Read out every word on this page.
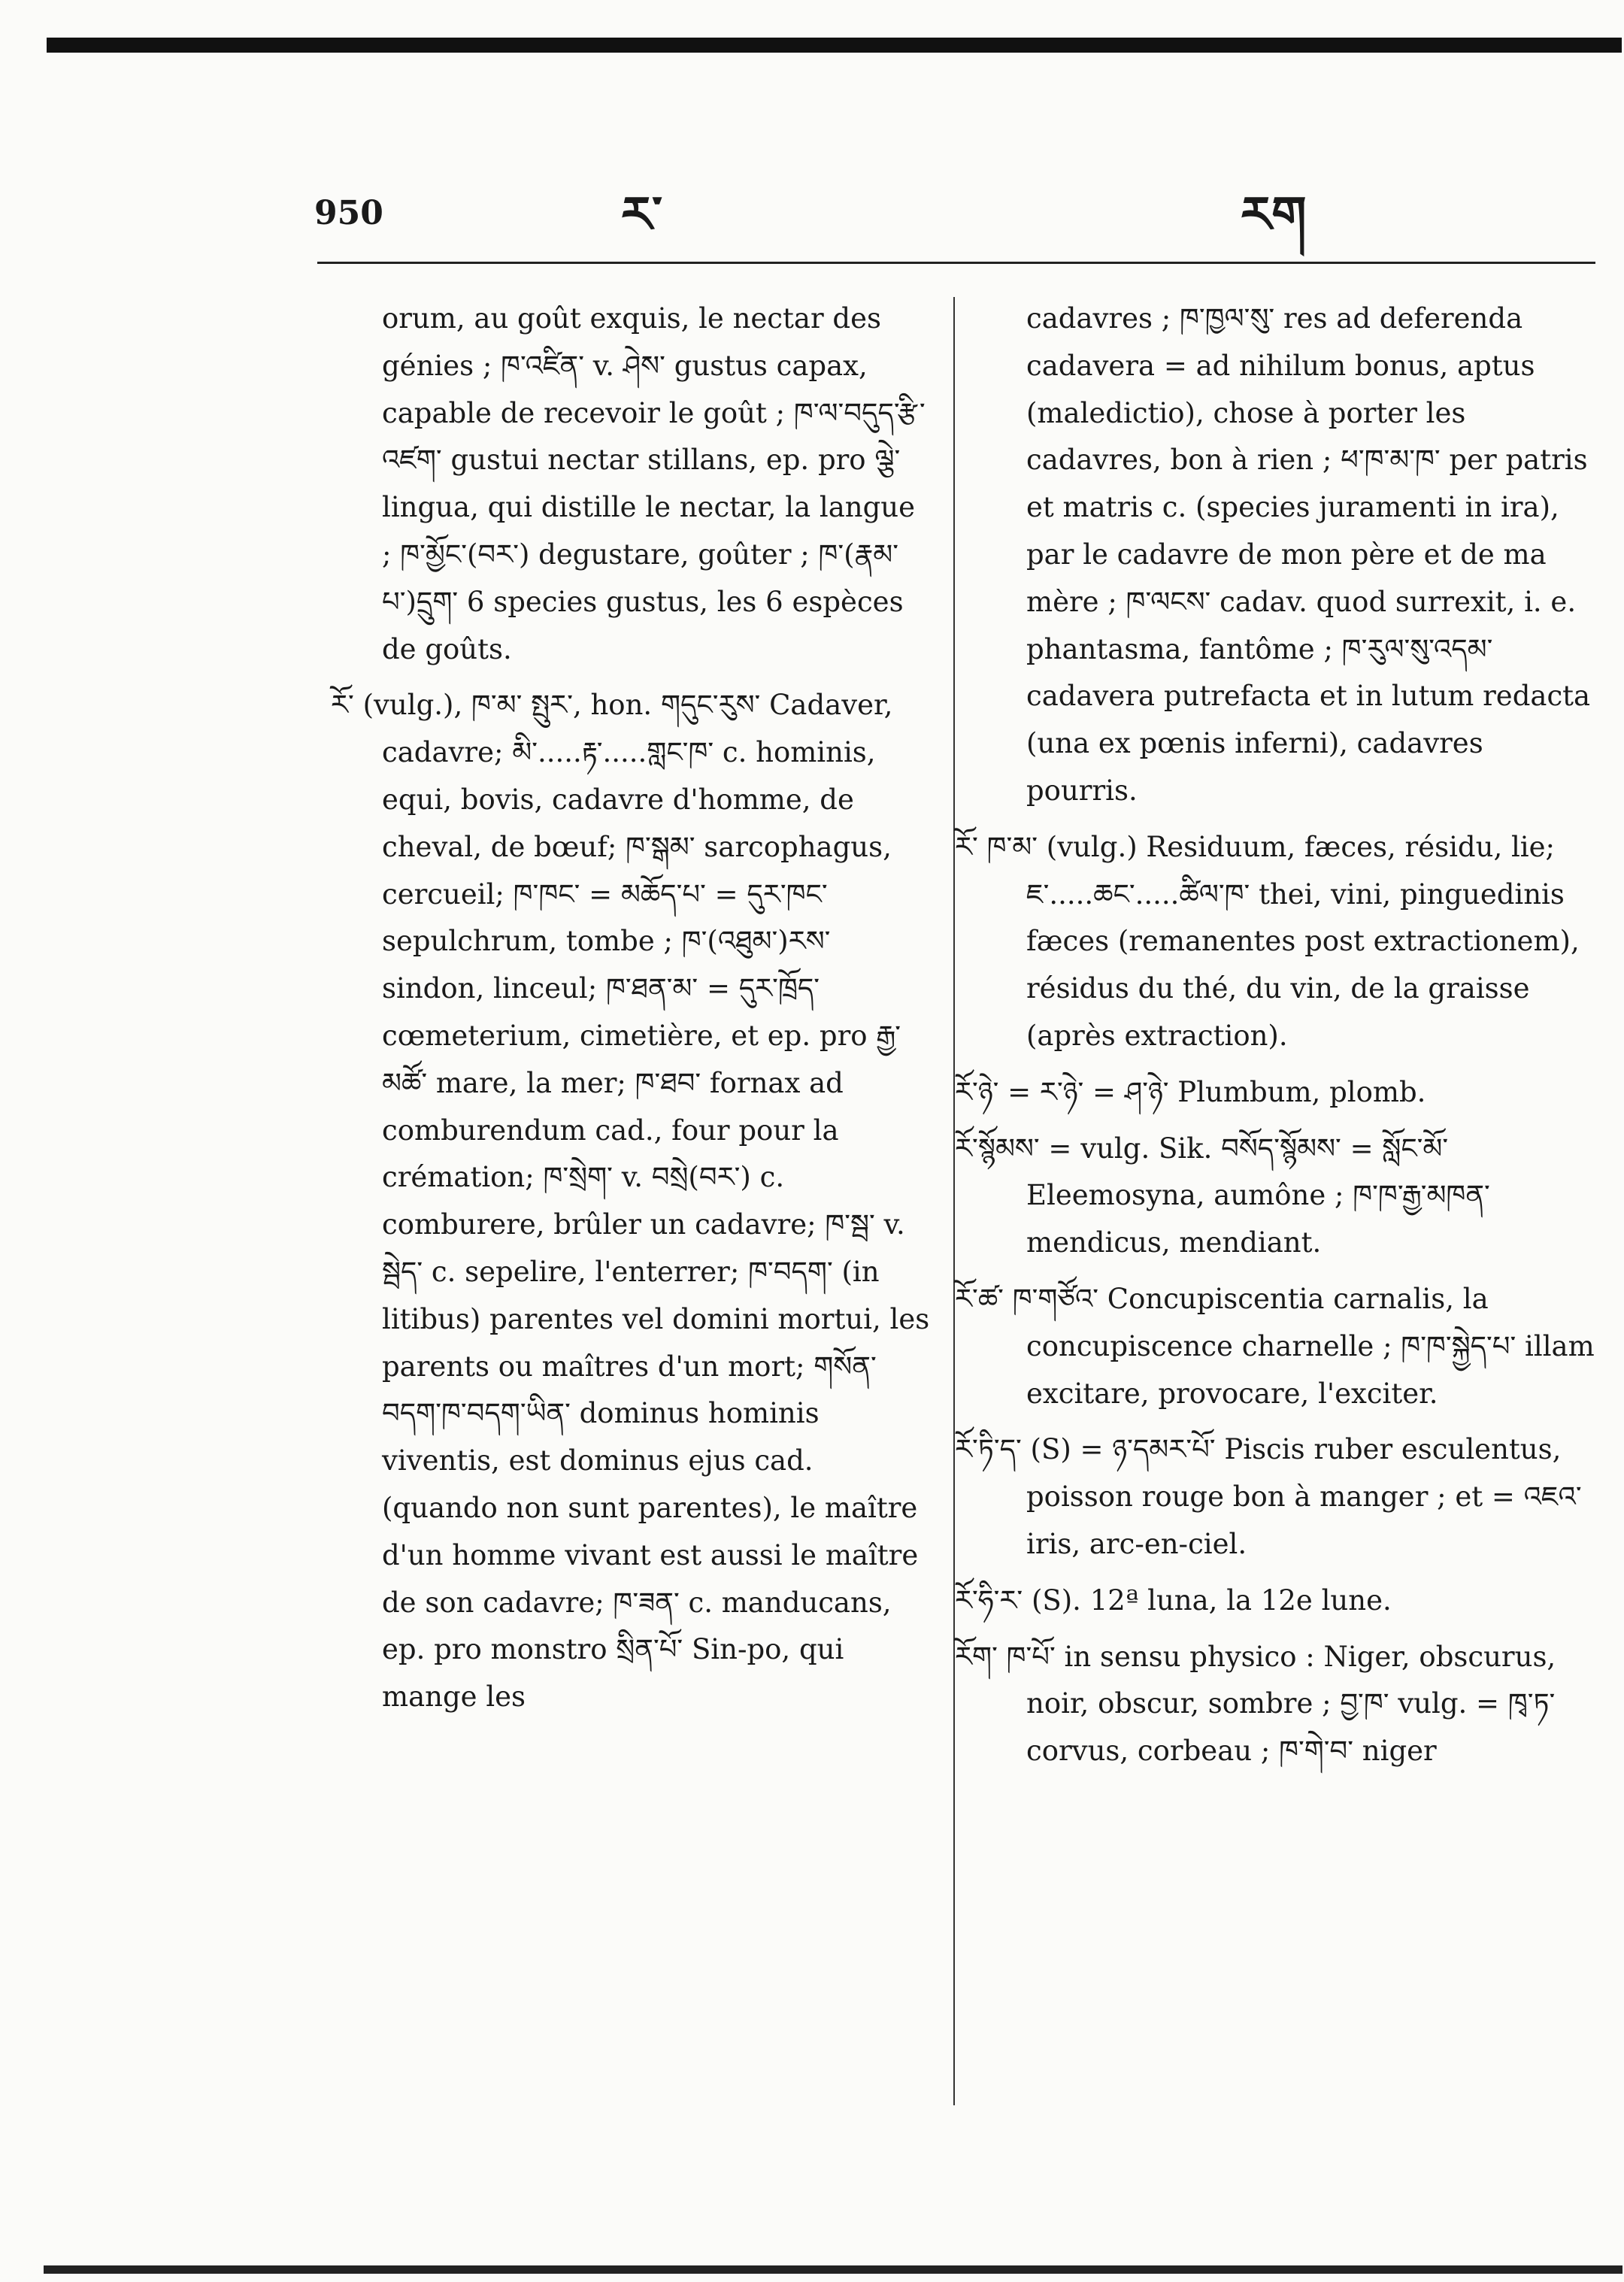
950	ར་	རག

orum, au goût exquis, le nectar des génies ; ཁ་འཛིན་ v. ཤེས་ gustus capax, capable de recevoir le goût ; ཁ་ལ་བདུད་རྩི་འཛག་ gustui nectar stillans, ep. pro ལྕེ་ lingua, qui distille le nectar, la langue ; ཁ་མྱོང་(བར་) degustare, goûter ; ཁ་(རྣམ་པ་)དྲུག་ 6 species gustus, les 6 espèces de goûts.

རོ་ (vulg.), ཁ་མ་ སྤུར་, hon. གདུང་རུས་ Cadaver, cadavre; མི་.....རྟ་.....གླང་ཁ་ c. hominis, equi, bovis, cadavre d'homme, de cheval, de bœuf; ཁ་སྒམ་ sarcophagus, cercueil; ཁ་ཁང་ = མཆོད་པ་ = དུར་ཁང་ sepulchrum, tombe ; ཁ་(འཐུམ་)རས་ sindon, linceul; ཁ་ཐན་མ་ = དུར་ཁྲོད་ cœmeterium, cimetière, et ep. pro རྒྱ་མཚོ་ mare, la mer; ཁ་ཐབ་ fornax ad comburendum cad., four pour la crémation; ཁ་སྲེག་ v. བསྲེ(བར་) c. comburere, brûler un cadavre; ཁ་སྦ་ v. སྦེད་ c. sepelire, l'enterrer; ཁ་བདག་ (in litibus) parentes vel domini mortui, les parents ou maîtres d'un mort; གསོན་བདག་ཁ་བདག་ཡིན་ dominus hominis viventis, est dominus ejus cad. (quando non sunt parentes), le maître d'un homme vivant est aussi le maître de son cadavre; ཁ་ཟན་ c. manducans, ep. pro monstro སྲིན་པོ་ Sin-po, qui mange les

cadavres ; ཁ་ཁྱལ་སུ་ res ad deferenda cadavera = ad nihilum bonus, aptus (maledictio), chose à porter les cadavres, bon à rien ; ཕ་ཁ་མ་ཁ་ per patris et matris c. (species juramenti in ira), par le cadavre de mon père et de ma mère ; ཁ་ལངས་ cadav. quod surrexit, i. e. phantasma, fantôme ; ཁ་རུལ་སུ་འདམ་ cadavera putrefacta et in lutum redacta (una ex pœnis inferni), cadavres pourris.

རོ་ ཁ་མ་ (vulg.) Residuum, fæces, résidu, lie; ཇ་.....ཆང་.....ཚིལ་ཁ་ thei, vini, pinguedinis fæces (remanentes post extractionem), résidus du thé, du vin, de la graisse (après extraction).

རོ་ཉེ་ = ར་ཉེ་ = ཤ་ཉེ་ Plumbum, plomb.

རོ་སྙོམས་ = vulg. Sik. བསོད་སྙོམས་ = སློང་མོ་ Eleemosyna, aumône ; ཁ་ཁ་རྒྱ་མཁན་ mendicus, mendiant.

རོ་ཚ་ ཁ་གཙོའ་ Concupiscentia carnalis, la concupiscence charnelle ; ཁ་ཁ་སྐྱེད་པ་ illam excitare, provocare, l'exciter.

རོ་ཏི་ད་ (S) = ཉ་དམར་པོ་ Piscis ruber esculentus, poisson rouge bon à manger ; et = འཇའ་ iris, arc-en-ciel.

རོ་ཧི་ར་ (S). 12ª luna, la 12e lune.

རོག་ ཁ་པོ་ in sensu physico : Niger, obscurus, noir, obscur, sombre ; བྱ་ཁ་ vulg. = ཁྭ་ཏ་ corvus, corbeau ; ཁ་གེ་བ་ niger
